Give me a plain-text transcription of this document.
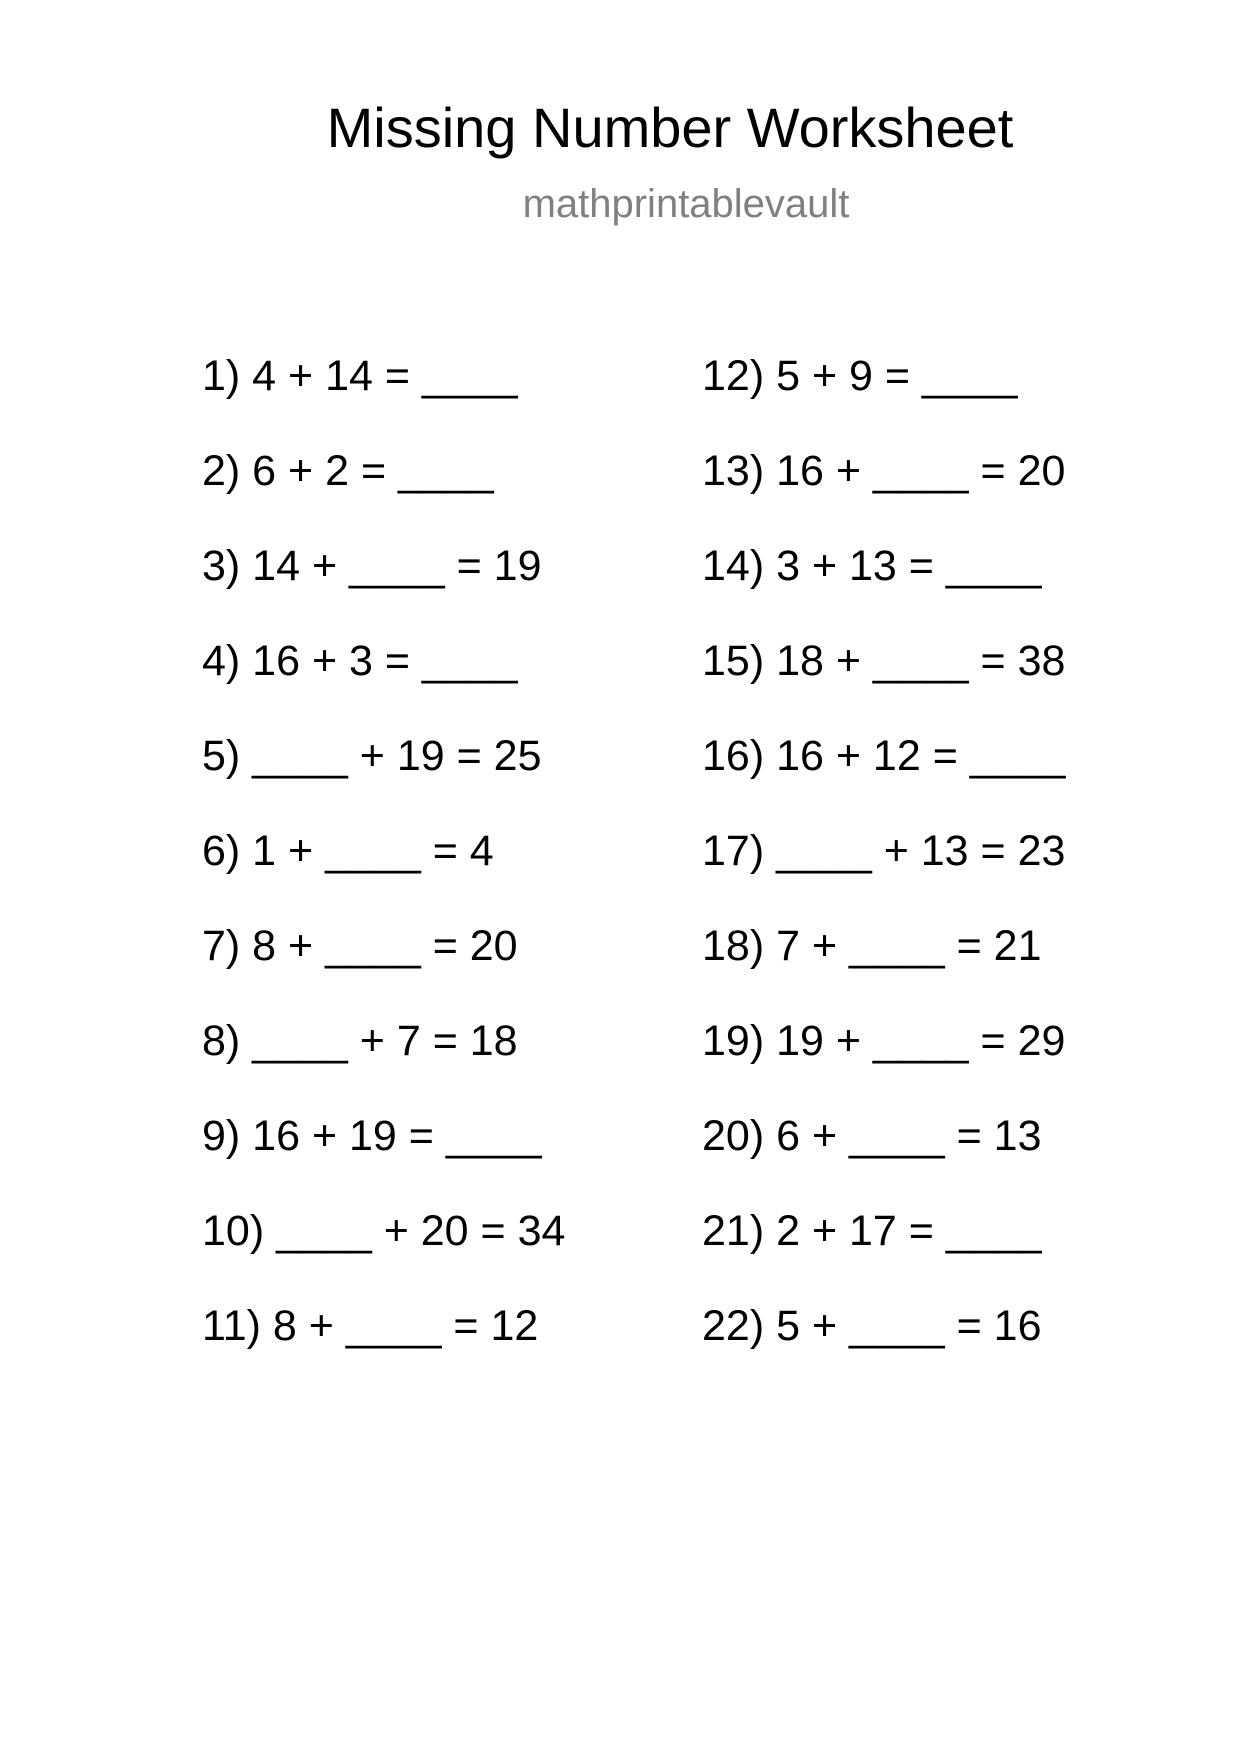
Missing Number Worksheet
mathprintablevault
1) 4 + 14 = ____
2) 6 + 2 = ____
3) 14 + ____ = 19
4) 16 + 3 = ____
5) ____ + 19 = 25
6) 1 + ____ = 4
7) 8 + ____ = 20
8) ____ + 7 = 18
9) 16 + 19 = ____
10) ____ + 20 = 34
11) 8 + ____ = 12
12) 5 + 9 = ____
13) 16 + ____ = 20
14) 3 + 13 = ____
15) 18 + ____ = 38
16) 16 + 12 = ____
17) ____ + 13 = 23
18) 7 + ____ = 21
19) 19 + ____ = 29
20) 6 + ____ = 13
21) 2 + 17 = ____
22) 5 + ____ = 16
